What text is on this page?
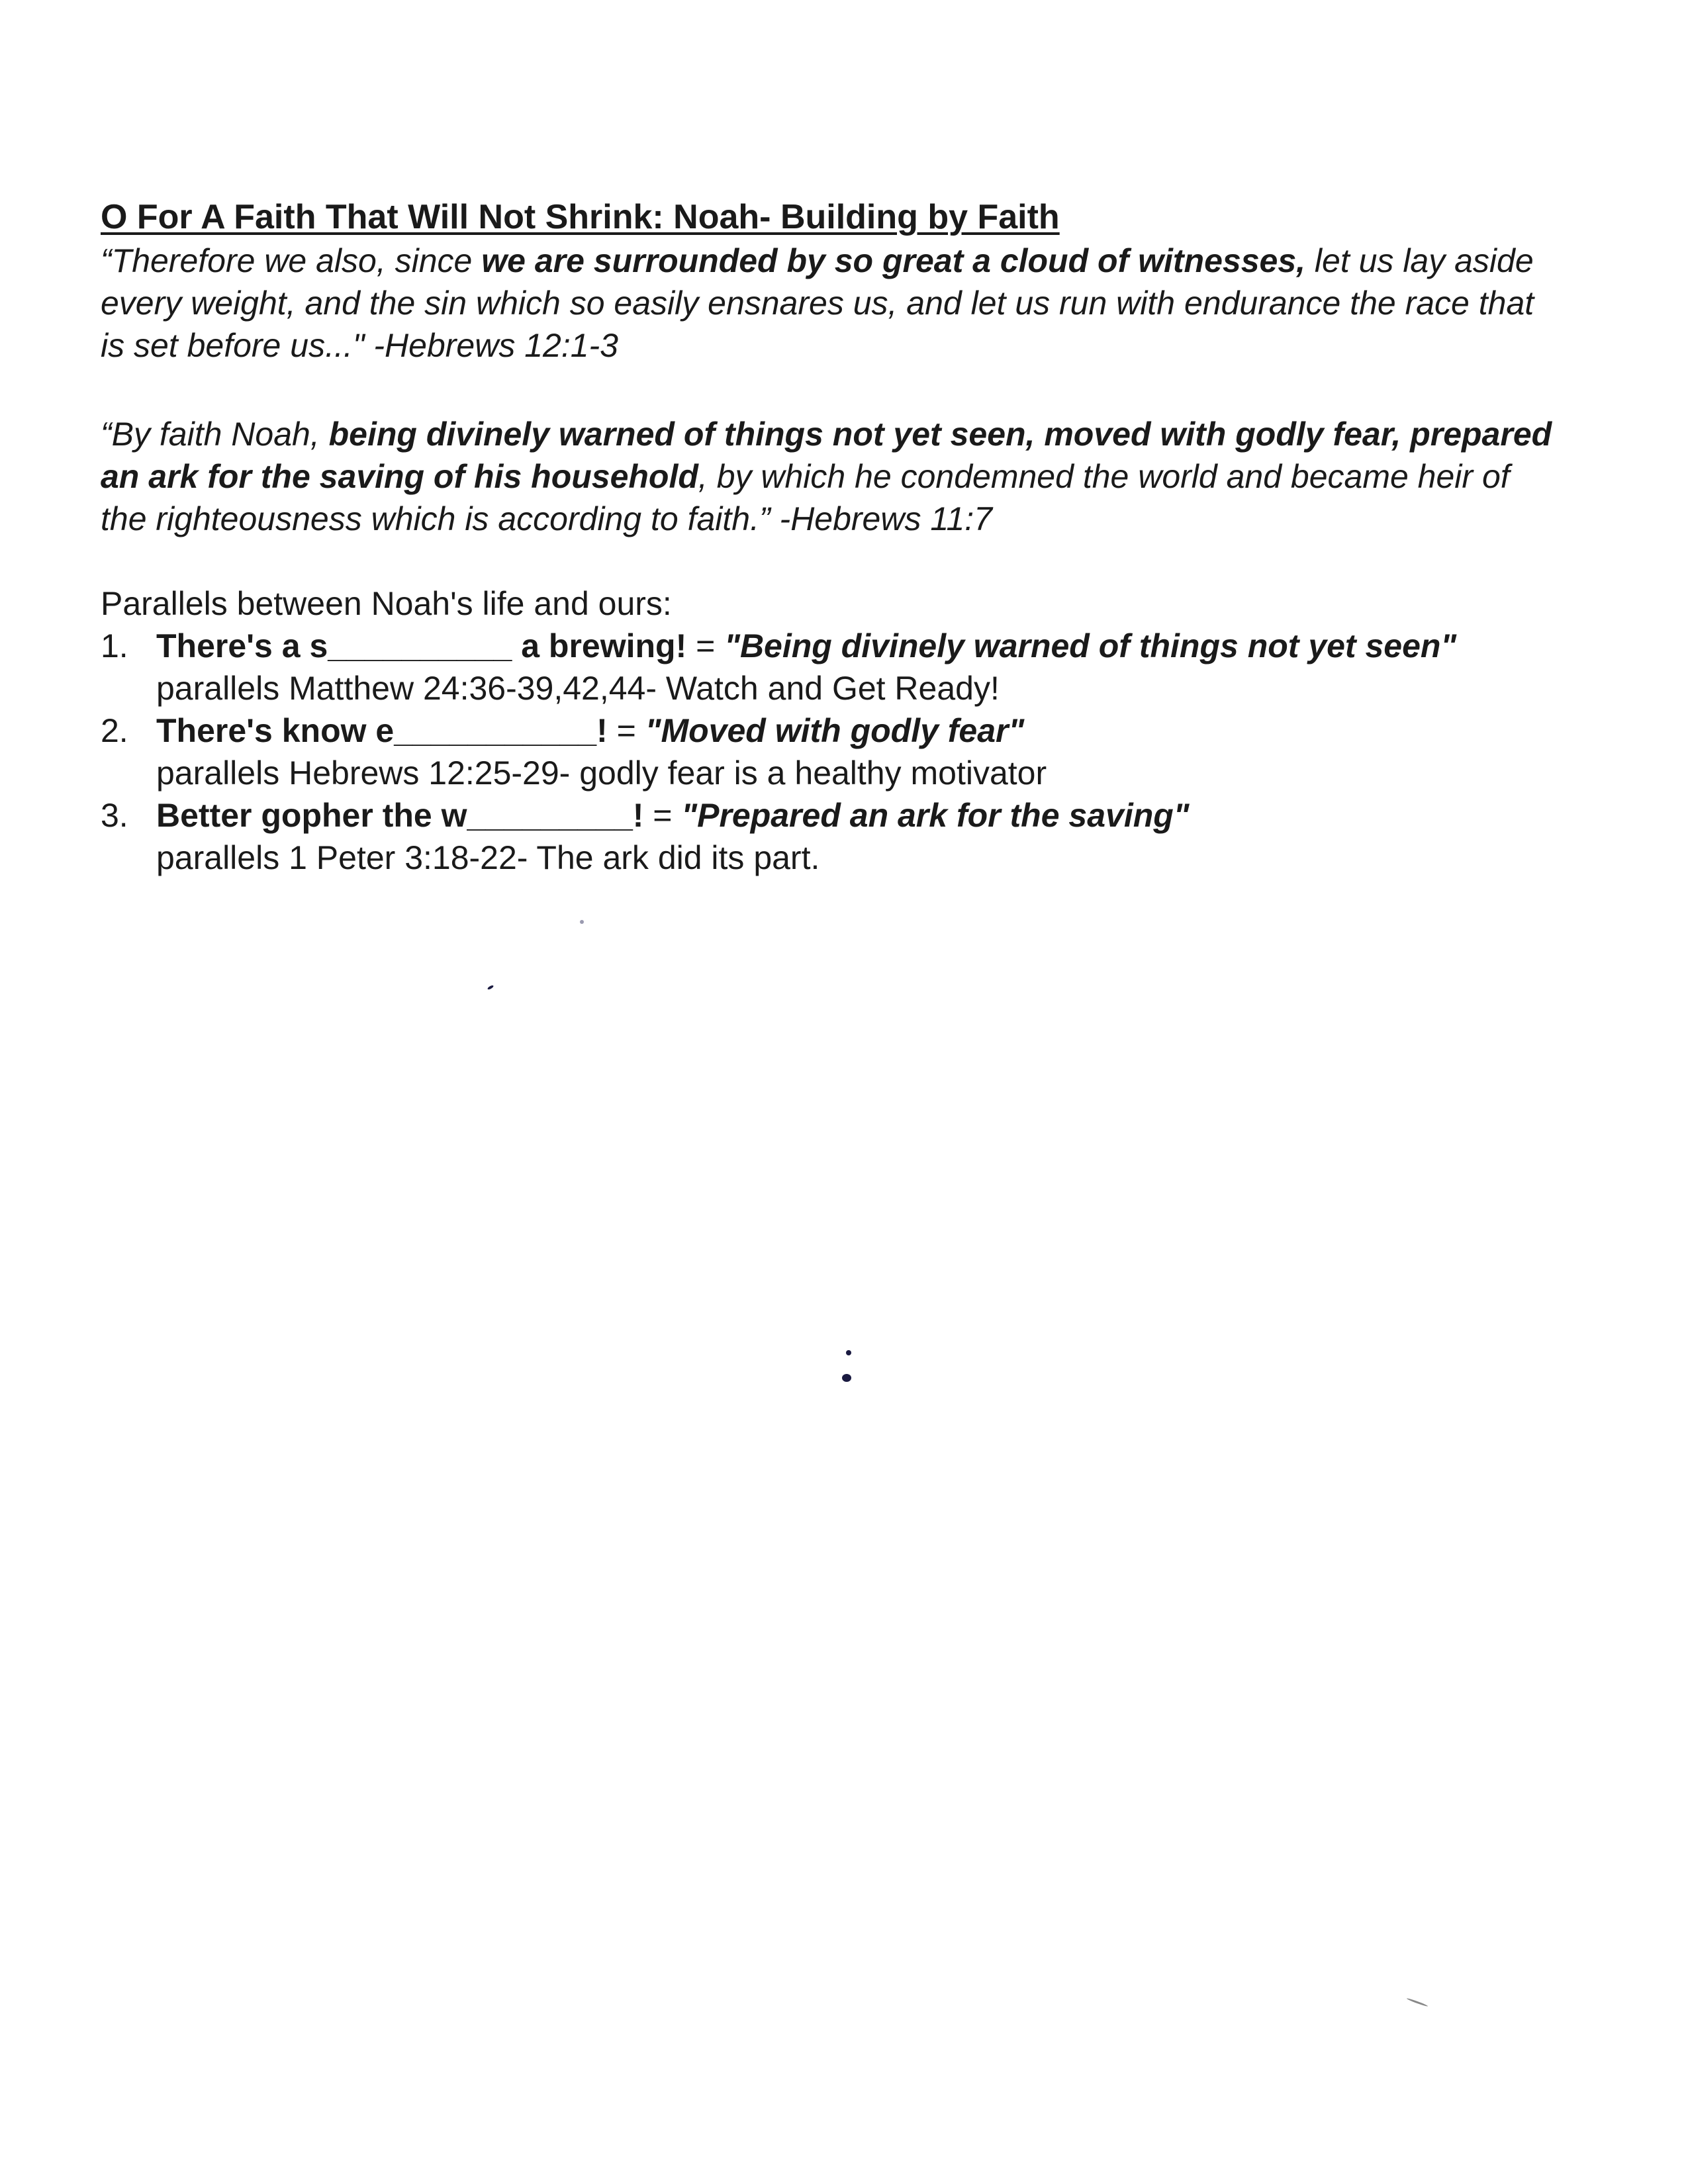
O For A Faith That Will Not Shrink: Noah- Building by Faith

“Therefore we also, since we are surrounded by so great a cloud of witnesses, let us lay aside every weight, and the sin which so easily ensnares us, and let us run with endurance the race that is set before us..." -Hebrews 12:1-3

“By faith Noah, being divinely warned of things not yet seen, moved with godly fear, prepared an ark for the saving of his household, by which he condemned the world and became heir of the righteousness which is according to faith.” -Hebrews 11:7

Parallels between Noah's life and ours:

1. There's a s__________ a brewing! = "Being divinely warned of things not yet seen"
parallels Matthew 24:36-39,42,44- Watch and Get Ready!
2. There's know e___________! = "Moved with godly fear"
parallels Hebrews 12:25-29- godly fear is a healthy motivator
3. Better gopher the w_________! = "Prepared an ark for the saving"
parallels 1 Peter 3:18-22- The ark did its part.
